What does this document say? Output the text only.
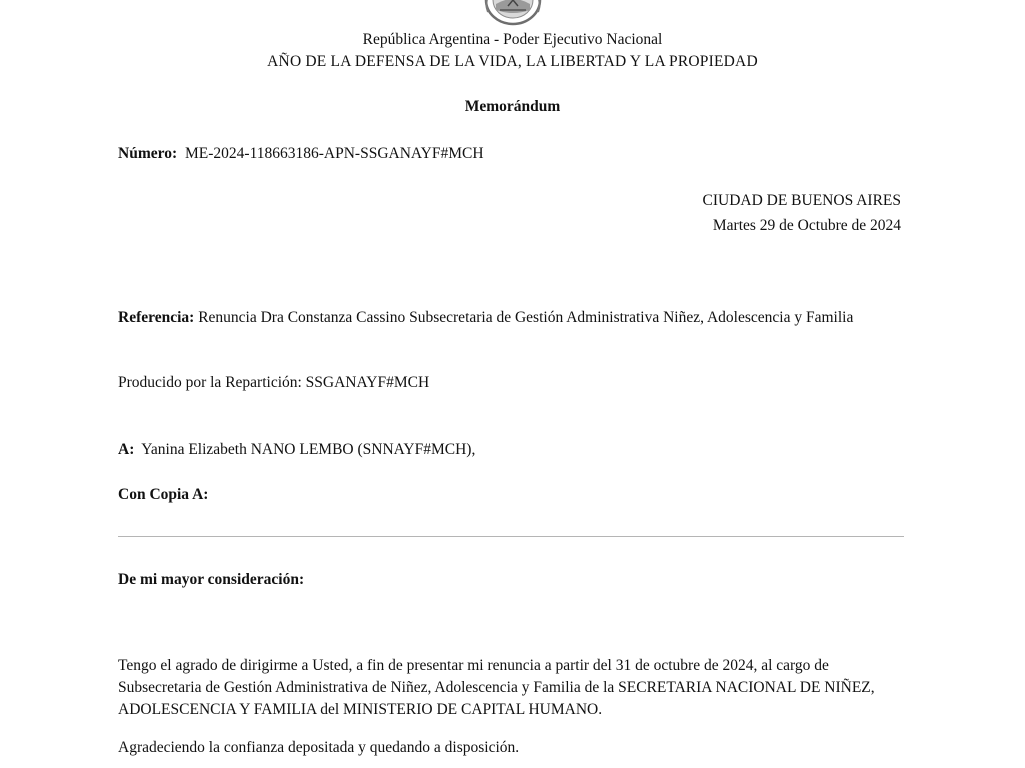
República Argentina - Poder Ejecutivo Nacional
AÑO DE LA DEFENSA DE LA VIDA, LA LIBERTAD Y LA PROPIEDAD
Memorándum
Número: ME-2024-118663186-APN-SSGANAYF#MCH
CIUDAD DE BUENOS AIRES
Martes 29 de Octubre de 2024
Referencia: Renuncia Dra Constanza Cassino Subsecretaria de Gestión Administrativa Niñez, Adolescencia y Familia
Producido por la Repartición: SSGANAYF#MCH
A: Yanina Elizabeth NANO LEMBO (SNNAYF#MCH),
Con Copia A:
De mi mayor consideración:
Tengo el agrado de dirigirme a Usted, a fin de presentar mi renuncia a partir del 31 de octubre de 2024, al cargo de Subsecretaria de Gestión Administrativa de Niñez, Adolescencia y Familia de la SECRETARIA NACIONAL DE NIÑEZ, ADOLESCENCIA Y FAMILIA del MINISTERIO DE CAPITAL HUMANO.
Agradeciendo la confianza depositada y quedando a disposición.
